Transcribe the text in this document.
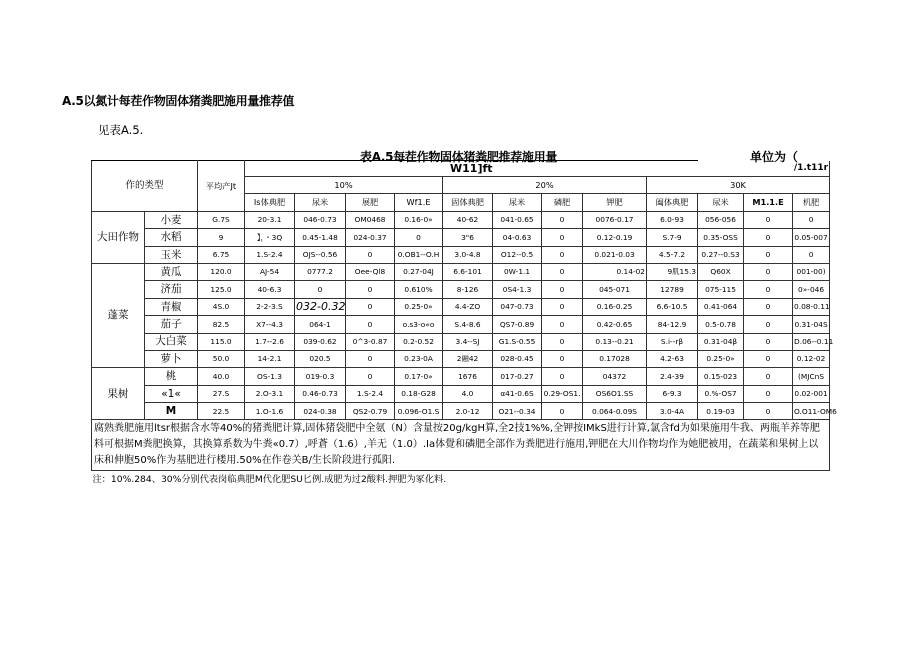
A.5以氮计每茬作物固体猪粪肥施用量推荐值
见表A.5.
表A.5每茬作物固体猪粪肥推荐施用量	单位为（
作的类型		平均产Jt	W11]ft									/1.t11r		
			10%				20%				30K			
			Is体典肥	尿米	展肥	Wf1.E	固体典肥	尿米	磷肥	钾肥	阖体典肥	尿米	M1.1.E	机肥
大田作物	小麦	G.7S	20-3.1	046-0.73	OM0468	0.16-0»	40-62	041-0.65	0	0076-0.17	6.0-93	056-056	0	0
	水稻	9	】，・3Q	0.45-1.48	024-0.37	0	3"6	04-0.63	0	0.12-0.19	S.7-9	0.35-OSS	0	0.05-007
	玉米	6.75	1.S-2.4	OJS--0.56	0	0.OB1--O.H	3.0-4.8	O12--0.5	0	0.021-0.03	4.5-7.2	0.27--0.S3	0	0
蓬菜	黄瓜	120.0	AJ-54	0777.2	Oee-Ql8	0.27-04J	6.6-101	0W-1.1	0	0.14-02	9肌15.3	Q60X	0	001-00)
	济茄	125.0	40-6.3	0	0	0.610%	8-126	0S4-1.3	0	045-071	12789	075-115	0	0»-046
	青椒	4S.0	2-2-3.S	032-0.32	0	0.25-0»	4.4-ZO	047-0.73	0	0.16-0.25	6.6-10.5	0.41-064	0	0.08-0.11
	茄子	82.5	X7--4.3	064-1	0	o.s3-o«o	S.4-8.6	QS7-0.89	0	0.42-0.65	84-12.9	0.5-0.78	0	0.31-04S
	大白菜	115.0	1.7--2.6	039-0.62	0^3-0.87	0.2-0.52	3.4--SJ	G1.S-0.55	0	0.13--0.21	S.i--rβ	0.31-04β	0	D.06--0.11
	萝卜	50.0	14-2.1	020.5	0	0.23-0A	2融42	028-0.45	0	0.17028	4.2-63	0.25-0»	0	0.12-02
果树	桃	40.0	OS-1.3	019-0.3	0	0.17-0»	1676	017-0.27	0	04372	2.4-39	0.15-023	0	(MJCnS
	«1«	27.S	2.O-3.1	0.46-0.73	1.S-2.4	0.18-G28	4.0	α41-0.6S	0.29-OS1.	OS6O1.SS	6-9.3	0.%-OS7	0	0.02-001
	M	22.5	1.O-1.6	024-0.38	QS2-0.79	0.096-O1.S	2.0-12	O21--0.34	0	0.064-0.09S	3.0-4A	0.19-03	0	O.O11-OM6
腐熟粪肥施用ltsr根据含水等40%的猪粪肥计算,固体猪袋肥中全氨（N）含量按20g/kgH算,全2技1%%,全钾按IMkS进行计算,氯含fd为如果施用牛我、两瓶羊养等肥料可根据M粪肥换算，其换算系数为牛粪«0.7）,呼蒼（1.6）,羊无（1.0）.Ia体覺和磷肥全部作为粪肥进行施用,钾肥在大川作物均作为她肥被用，在蔬菜和果树上以床和伸胞50%作为基肥进行楼用.50%在作卷关B/生长阶段进行孤阳.														
注：10%.284、30%分别代表岗临典肥M代化肥SU匕例.成肥为过2酸料.押肥为冢化料.														
